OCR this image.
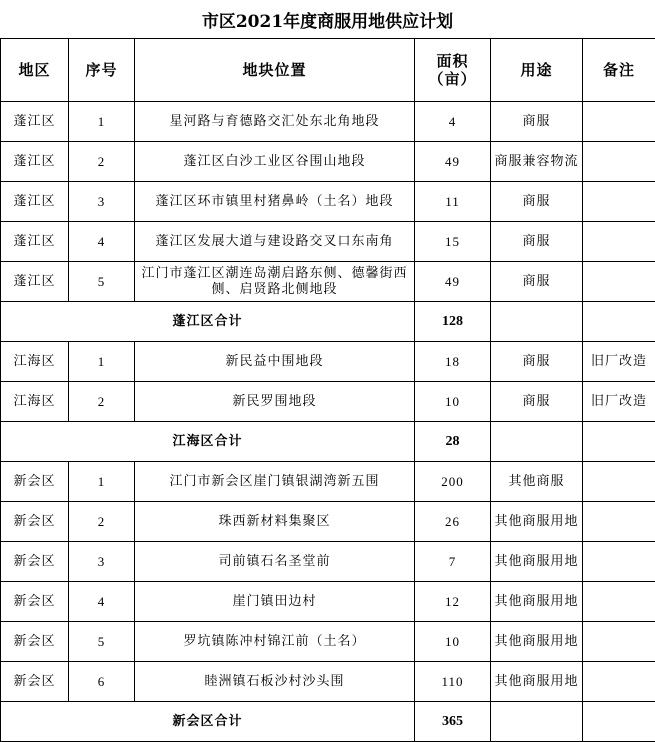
市区2021年度商服用地供应计划
地区	序号	地块位置	面积（亩）	用途	备注
蓬江区	1	星河路与育德路交汇处东北角地段	4	商服	
蓬江区	2	蓬江区白沙工业区谷围山地段	49	商服兼容物流	
蓬江区	3	蓬江区环市镇里村猪鼻岭（土名）地段	11	商服	
蓬江区	4	蓬江区发展大道与建设路交叉口东南角	15	商服	
蓬江区	5	江门市蓬江区潮连岛潮启路东侧、德馨街西侧、启贤路北侧地段	49	商服	
蓬江区合计			128		
江海区	1	新民益中围地段	18	商服	旧厂改造
江海区	2	新民罗围地段	10	商服	旧厂改造
江海区合计			28		
新会区	1	江门市新会区崖门镇银湖湾新五围	200	其他商服	
新会区	2	珠西新材料集聚区	26	其他商服用地	
新会区	3	司前镇石名圣堂前	7	其他商服用地	
新会区	4	崖门镇田边村	12	其他商服用地	
新会区	5	罗坑镇陈冲村锦江前（土名）	10	其他商服用地	
新会区	6	睦洲镇石板沙村沙头围	110	其他商服用地	
新会区合计			365		
